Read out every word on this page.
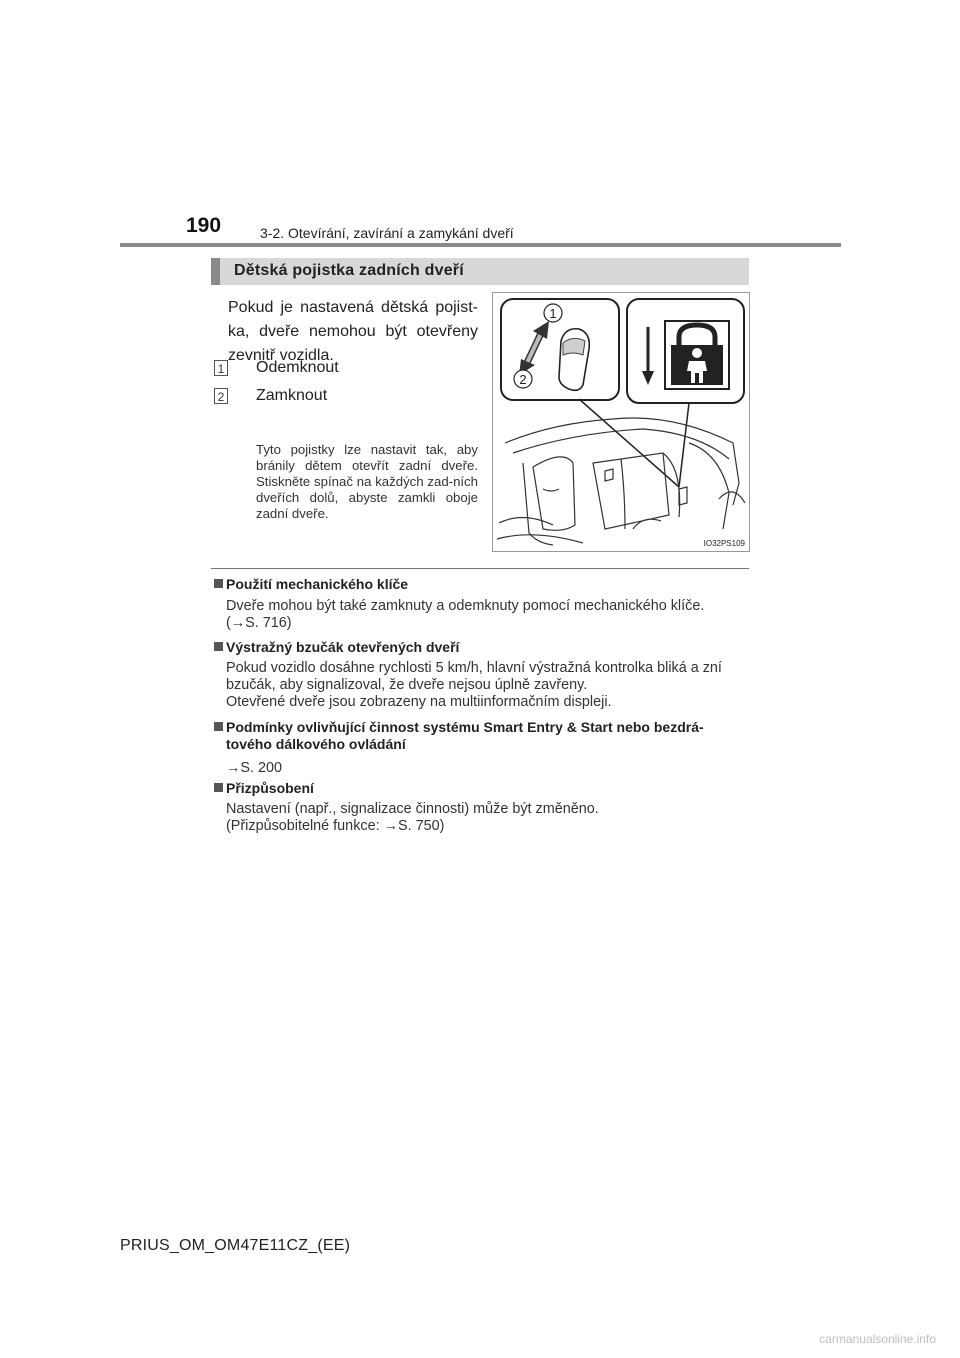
190	3-2. Otevírání, zavírání a zamykání dveří
Dětská pojistka zadních dveří
Pokud je nastavená dětská pojist-ka, dveře nemohou být otevřeny zevnitř vozidla.
1 Odemknout
2 Zamknout
Tyto pojistky lze nastavit tak, aby bránily dětem otevřít zadní dveře. Stiskněte spínač na každých zad-ních dveřích dolů, abyste zamkli oboje zadní dveře.
1
2
IO32PS109
Použití mechanického klíče
Dveře mohou být také zamknuty a odemknuty pomocí mechanického klíče.
(→S. 716)
Výstražný bzučák otevřených dveří
Pokud vozidlo dosáhne rychlosti 5 km/h, hlavní výstražná kontrolka bliká a zní
bzučák, aby signalizoval, že dveře nejsou úplně zavřeny.
Otevřené dveře jsou zobrazeny na multiinformačním displeji.
Podmínky ovlivňující činnost systému Smart Entry & Start nebo bezdrá-
tového dálkového ovládání
→S. 200
Přizpůsobení
Nastavení (např., signalizace činnosti) může být změněno.
(Přizpůsobitelné funkce: →S. 750)
PRIUS_OM_OM47E11CZ_(EE)
carmanualsonline.info
